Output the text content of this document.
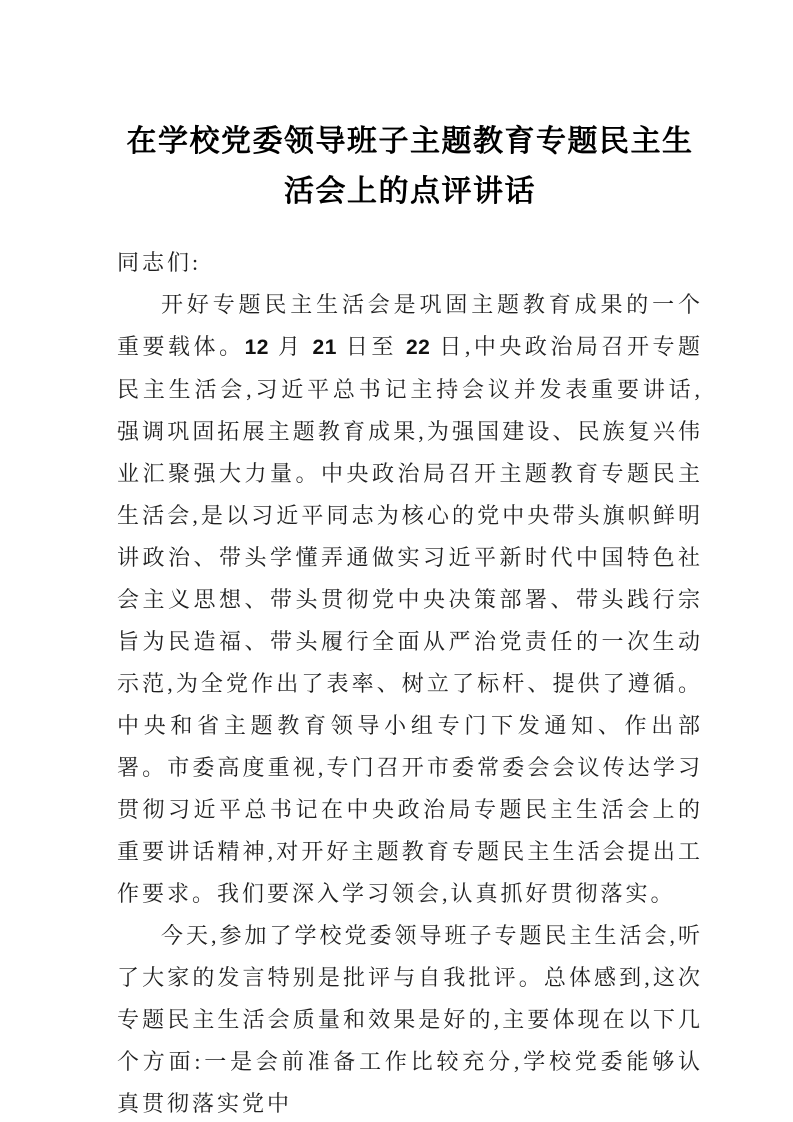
在学校党委领导班子主题教育专题民主生活会上的点评讲话

同志们:

开好专题民主生活会是巩固主题教育成果的一个重要载体。12 月 21 日至 22 日,中央政治局召开专题民主生活会,习近平总书记主持会议并发表重要讲话,强调巩固拓展主题教育成果,为强国建设、民族复兴伟业汇聚强大力量。中央政治局召开主题教育专题民主生活会,是以习近平同志为核心的党中央带头旗帜鲜明讲政治、带头学懂弄通做实习近平新时代中国特色社会主义思想、带头贯彻党中央决策部署、带头践行宗旨为民造福、带头履行全面从严治党责任的一次生动示范,为全党作出了表率、树立了标杆、提供了遵循。中央和省主题教育领导小组专门下发通知、作出部署。市委高度重视,专门召开市委常委会会议传达学习贯彻习近平总书记在中央政治局专题民主生活会上的重要讲话精神,对开好主题教育专题民主生活会提出工作要求。我们要深入学习领会,认真抓好贯彻落实。

今天,参加了学校党委领导班子专题民主生活会,听了大家的发言特别是批评与自我批评。总体感到,这次专题民主生活会质量和效果是好的,主要体现在以下几个方面:一是会前准备工作比较充分,学校党委能够认真贯彻落实党中
